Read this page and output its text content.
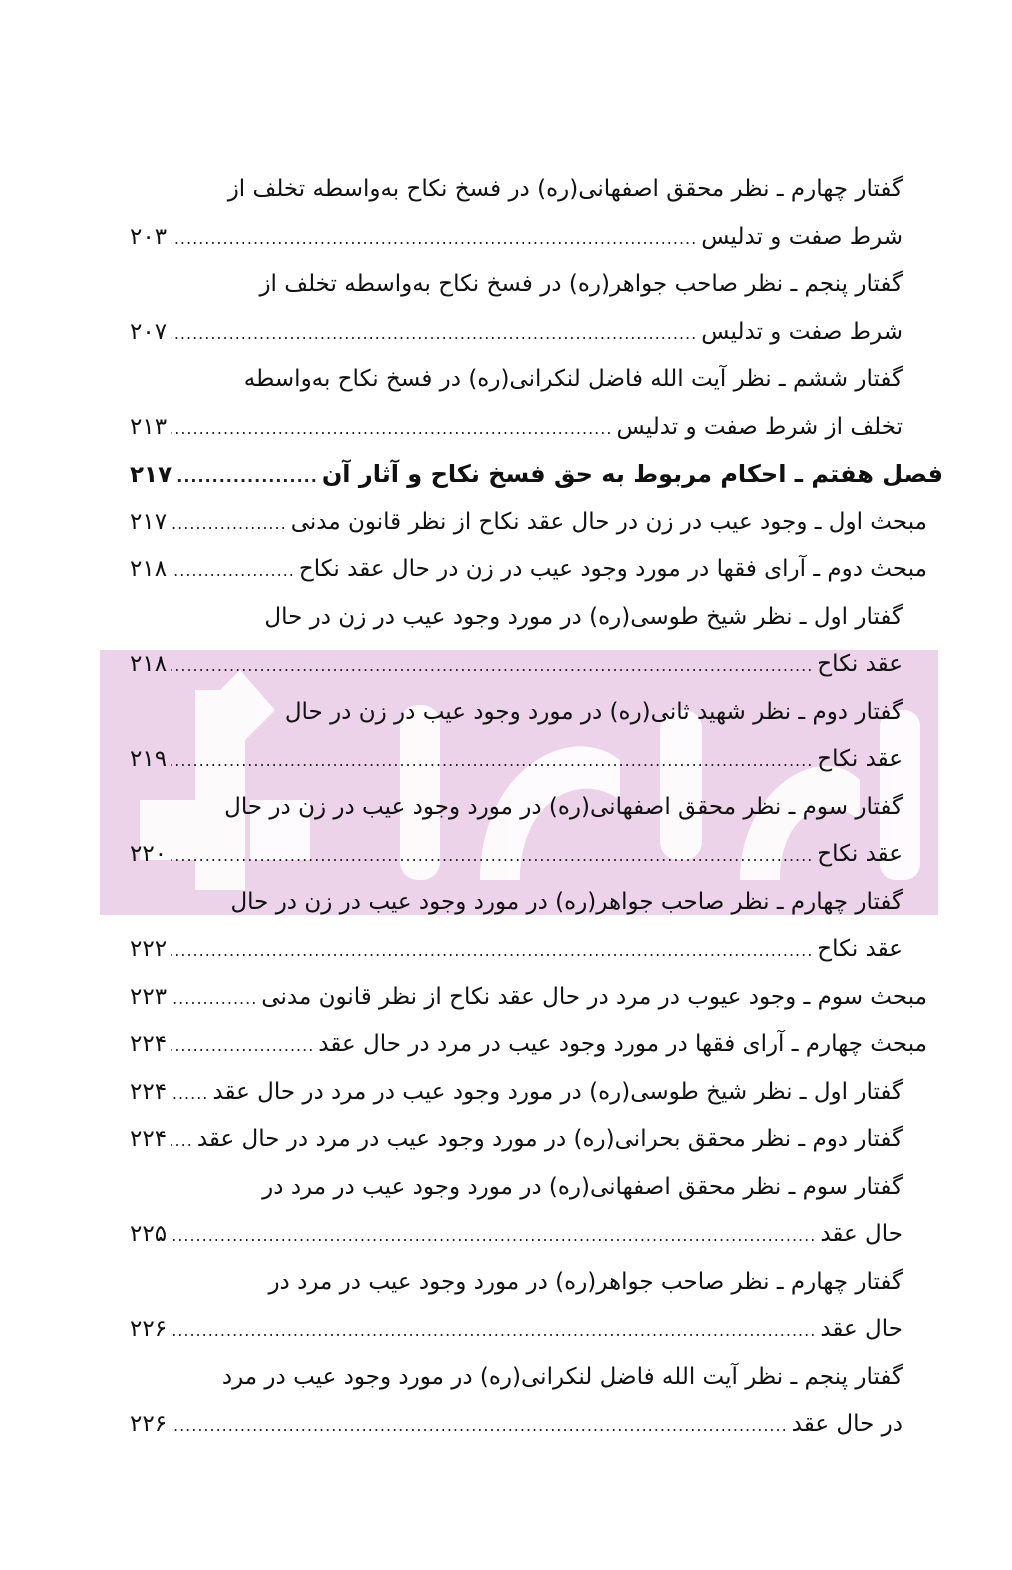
گفتار چهارم ـ نظر محقق اصفهانی(ره) در فسخ نکاح به‌واسطه تخلف از
شرط صفت و تدلیس
.....
۲۰۳
گفتار پنجم ـ نظر صاحب جواهر(ره) در فسخ نکاح به‌واسطه تخلف از
شرط صفت و تدلیس
.....
۲۰۷
گفتار ششم ـ نظر آیت الله فاضل لنکرانی(ره) در فسخ نکاح به‌واسطه
تخلف از شرط صفت و تدلیس
.....
۲۱۳
فصل هفتم ـ احکام مربوط به حق فسخ نکاح و آثار آن
.....
۲۱۷
مبحث اول ـ وجود عیب در زن در حال عقد نکاح از نظر قانون مدنی
.....
۲۱۷
مبحث دوم ـ آرای فقها در مورد وجود عیب در زن در حال عقد نکاح
.....
۲۱۸
گفتار اول ـ نظر شیخ طوسی(ره) در مورد وجود عیب در زن در حال
عقد نکاح
.....
۲۱۸
گفتار دوم ـ نظر شهید ثانی(ره) در مورد وجود عیب در زن در حال
عقد نکاح
.....
۲۱۹
گفتار سوم ـ نظر محقق اصفهانی(ره) در مورد وجود عیب در زن در حال
عقد نکاح
.....
۲۲۰
گفتار چهارم ـ نظر صاحب جواهر(ره) در مورد وجود عیب در زن در حال
عقد نکاح
.....
۲۲۲
مبحث سوم ـ وجود عیوب در مرد در حال عقد نکاح از نظر قانون مدنی
.....
۲۲۳
مبحث چهارم ـ آرای فقها در مورد وجود عیب در مرد در حال عقد
.....
۲۲۴
گفتار اول ـ نظر شیخ طوسی(ره) در مورد وجود عیب در مرد در حال عقد
.....
۲۲۴
گفتار دوم ـ نظر محقق بحرانی(ره) در مورد وجود عیب در مرد در حال عقد
.....
۲۲۴
گفتار سوم ـ نظر محقق اصفهانی(ره) در مورد وجود عیب در مرد در
حال عقد
.....
۲۲۵
گفتار چهارم ـ نظر صاحب جواهر(ره) در مورد وجود عیب در مرد در
حال عقد
.....
۲۲۶
گفتار پنجم ـ نظر آیت الله فاضل لنکرانی(ره) در مورد وجود عیب در مرد
در حال عقد
.....
۲۲۶
